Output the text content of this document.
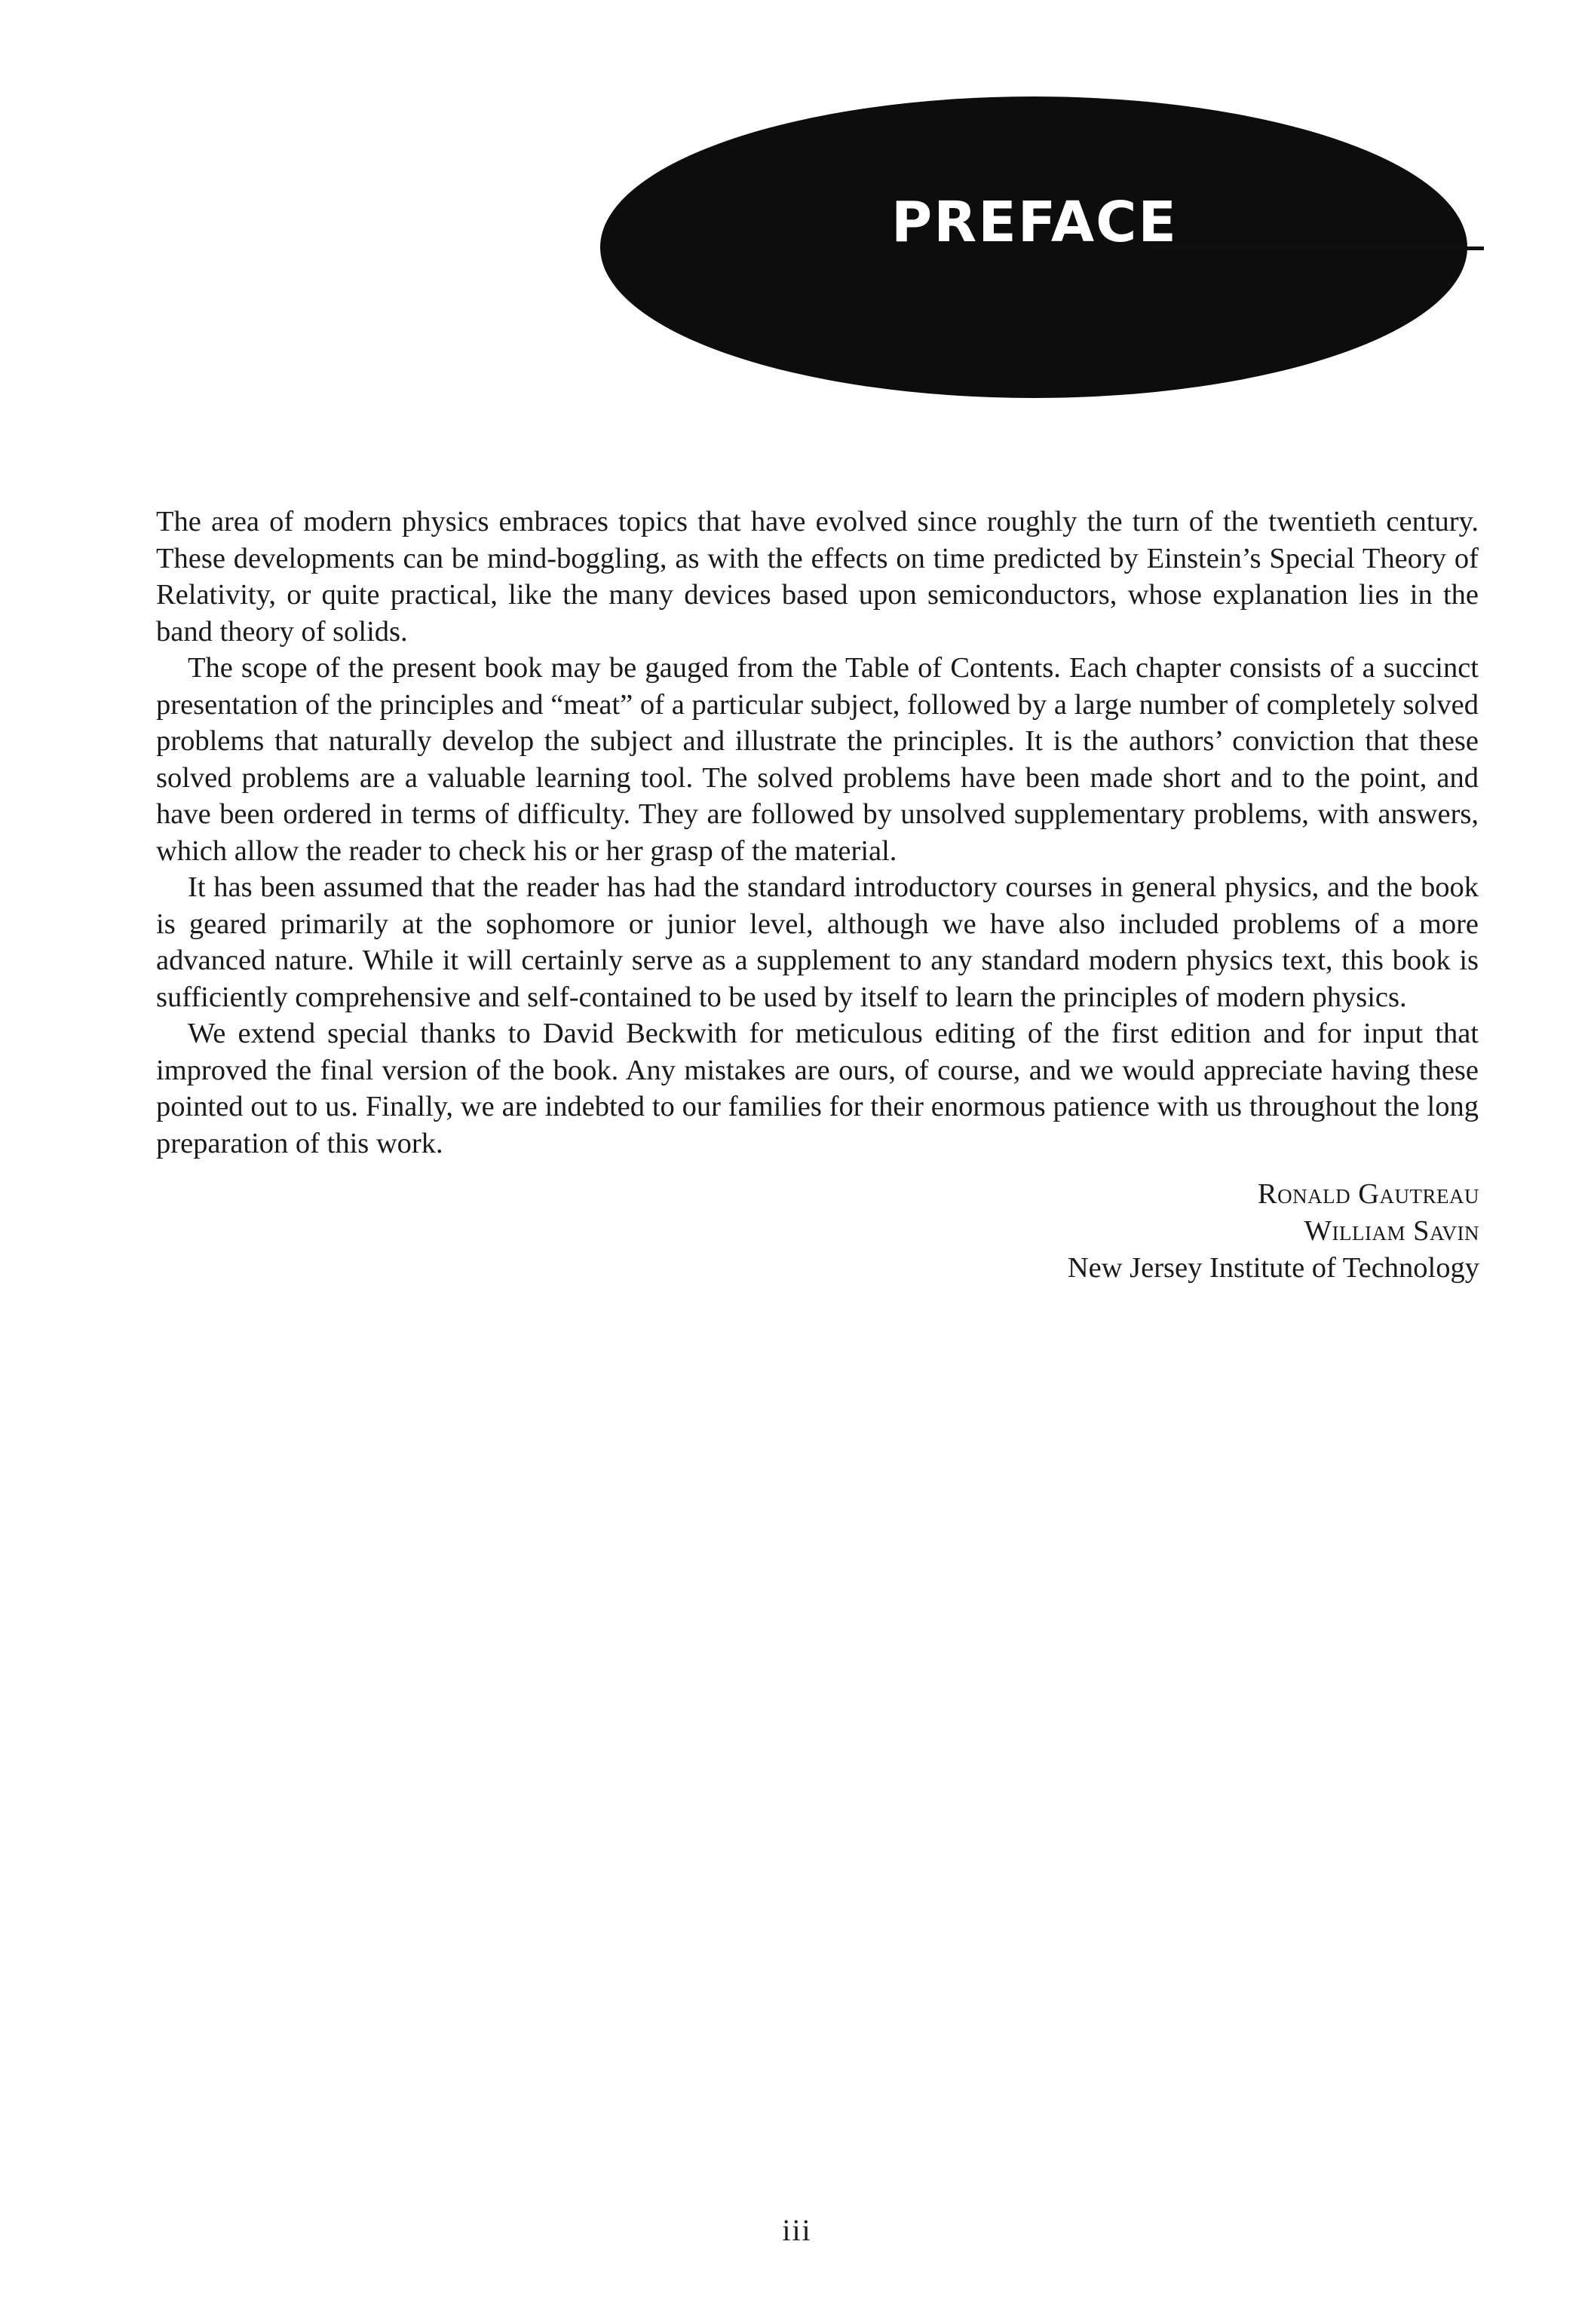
PREFACE

The area of modern physics embraces topics that have evolved since roughly the turn of the twentieth century. These developments can be mind-boggling, as with the effects on time predicted by Einstein’s Special Theory of Relativity, or quite practical, like the many devices based upon semiconductors, whose explanation lies in the band theory of solids.

The scope of the present book may be gauged from the Table of Contents. Each chapter consists of a succinct presentation of the principles and “meat” of a particular subject, followed by a large number of completely solved problems that naturally develop the subject and illustrate the principles. It is the authors’ conviction that these solved problems are a valuable learning tool. The solved problems have been made short and to the point, and have been ordered in terms of difficulty. They are followed by unsolved supplementary problems, with answers, which allow the reader to check his or her grasp of the material.

It has been assumed that the reader has had the standard introductory courses in general physics, and the book is geared primarily at the sophomore or junior level, although we have also included problems of a more advanced nature. While it will certainly serve as a supplement to any standard modern physics text, this book is sufficiently comprehensive and self-contained to be used by itself to learn the principles of modern physics.

We extend special thanks to David Beckwith for meticulous editing of the first edition and for input that improved the final version of the book. Any mistakes are ours, of course, and we would appreciate having these pointed out to us. Finally, we are indebted to our families for their enormous patience with us throughout the long preparation of this work.

Ronald Gautreau
William Savin
New Jersey Institute of Technology
iii
